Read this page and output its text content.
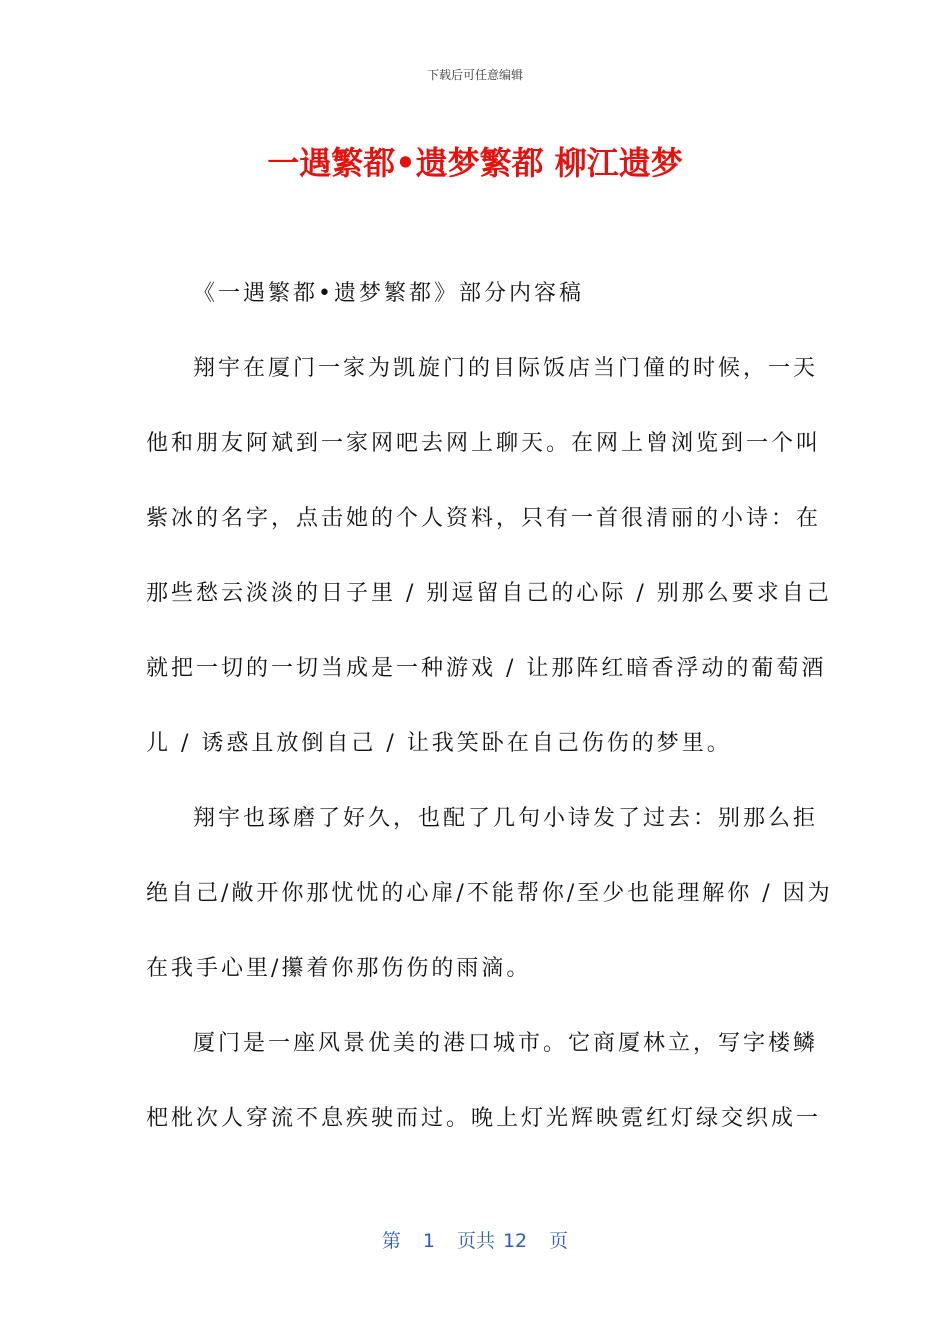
下载后可任意编辑
一遇繁都•遗梦繁都 柳江遗梦
《一遇繁都•遗梦繁都》部分内容稿
翔宇在厦门一家为凯旋门的目际饭店当门僮的时候，一天
他和朋友阿斌到一家网吧去网上聊天。在网上曾浏览到一个叫
紫冰的名字，点击她的个人资料，只有一首很清丽的小诗：在
那些愁云淡淡的日子里 / 别逗留自己的心际 / 别那么要求自己
就把一切的一切当成是一种游戏 / 让那阵红暗香浮动的葡萄酒
儿 / 诱惑且放倒自己 / 让我笑卧在自己伤伤的梦里。
翔宇也琢磨了好久，也配了几句小诗发了过去：别那么拒
绝自己/敞开你那忧忧的心扉/不能帮你/至少也能理解你 / 因为
在我手心里/攥着你那伤伤的雨滴。
厦门是一座风景优美的港口城市。它商厦林立，写字楼鳞
杷枇次人穿流不息疾驶而过。晚上灯光辉映霓红灯绿交织成一
第 1 页共 12 页
